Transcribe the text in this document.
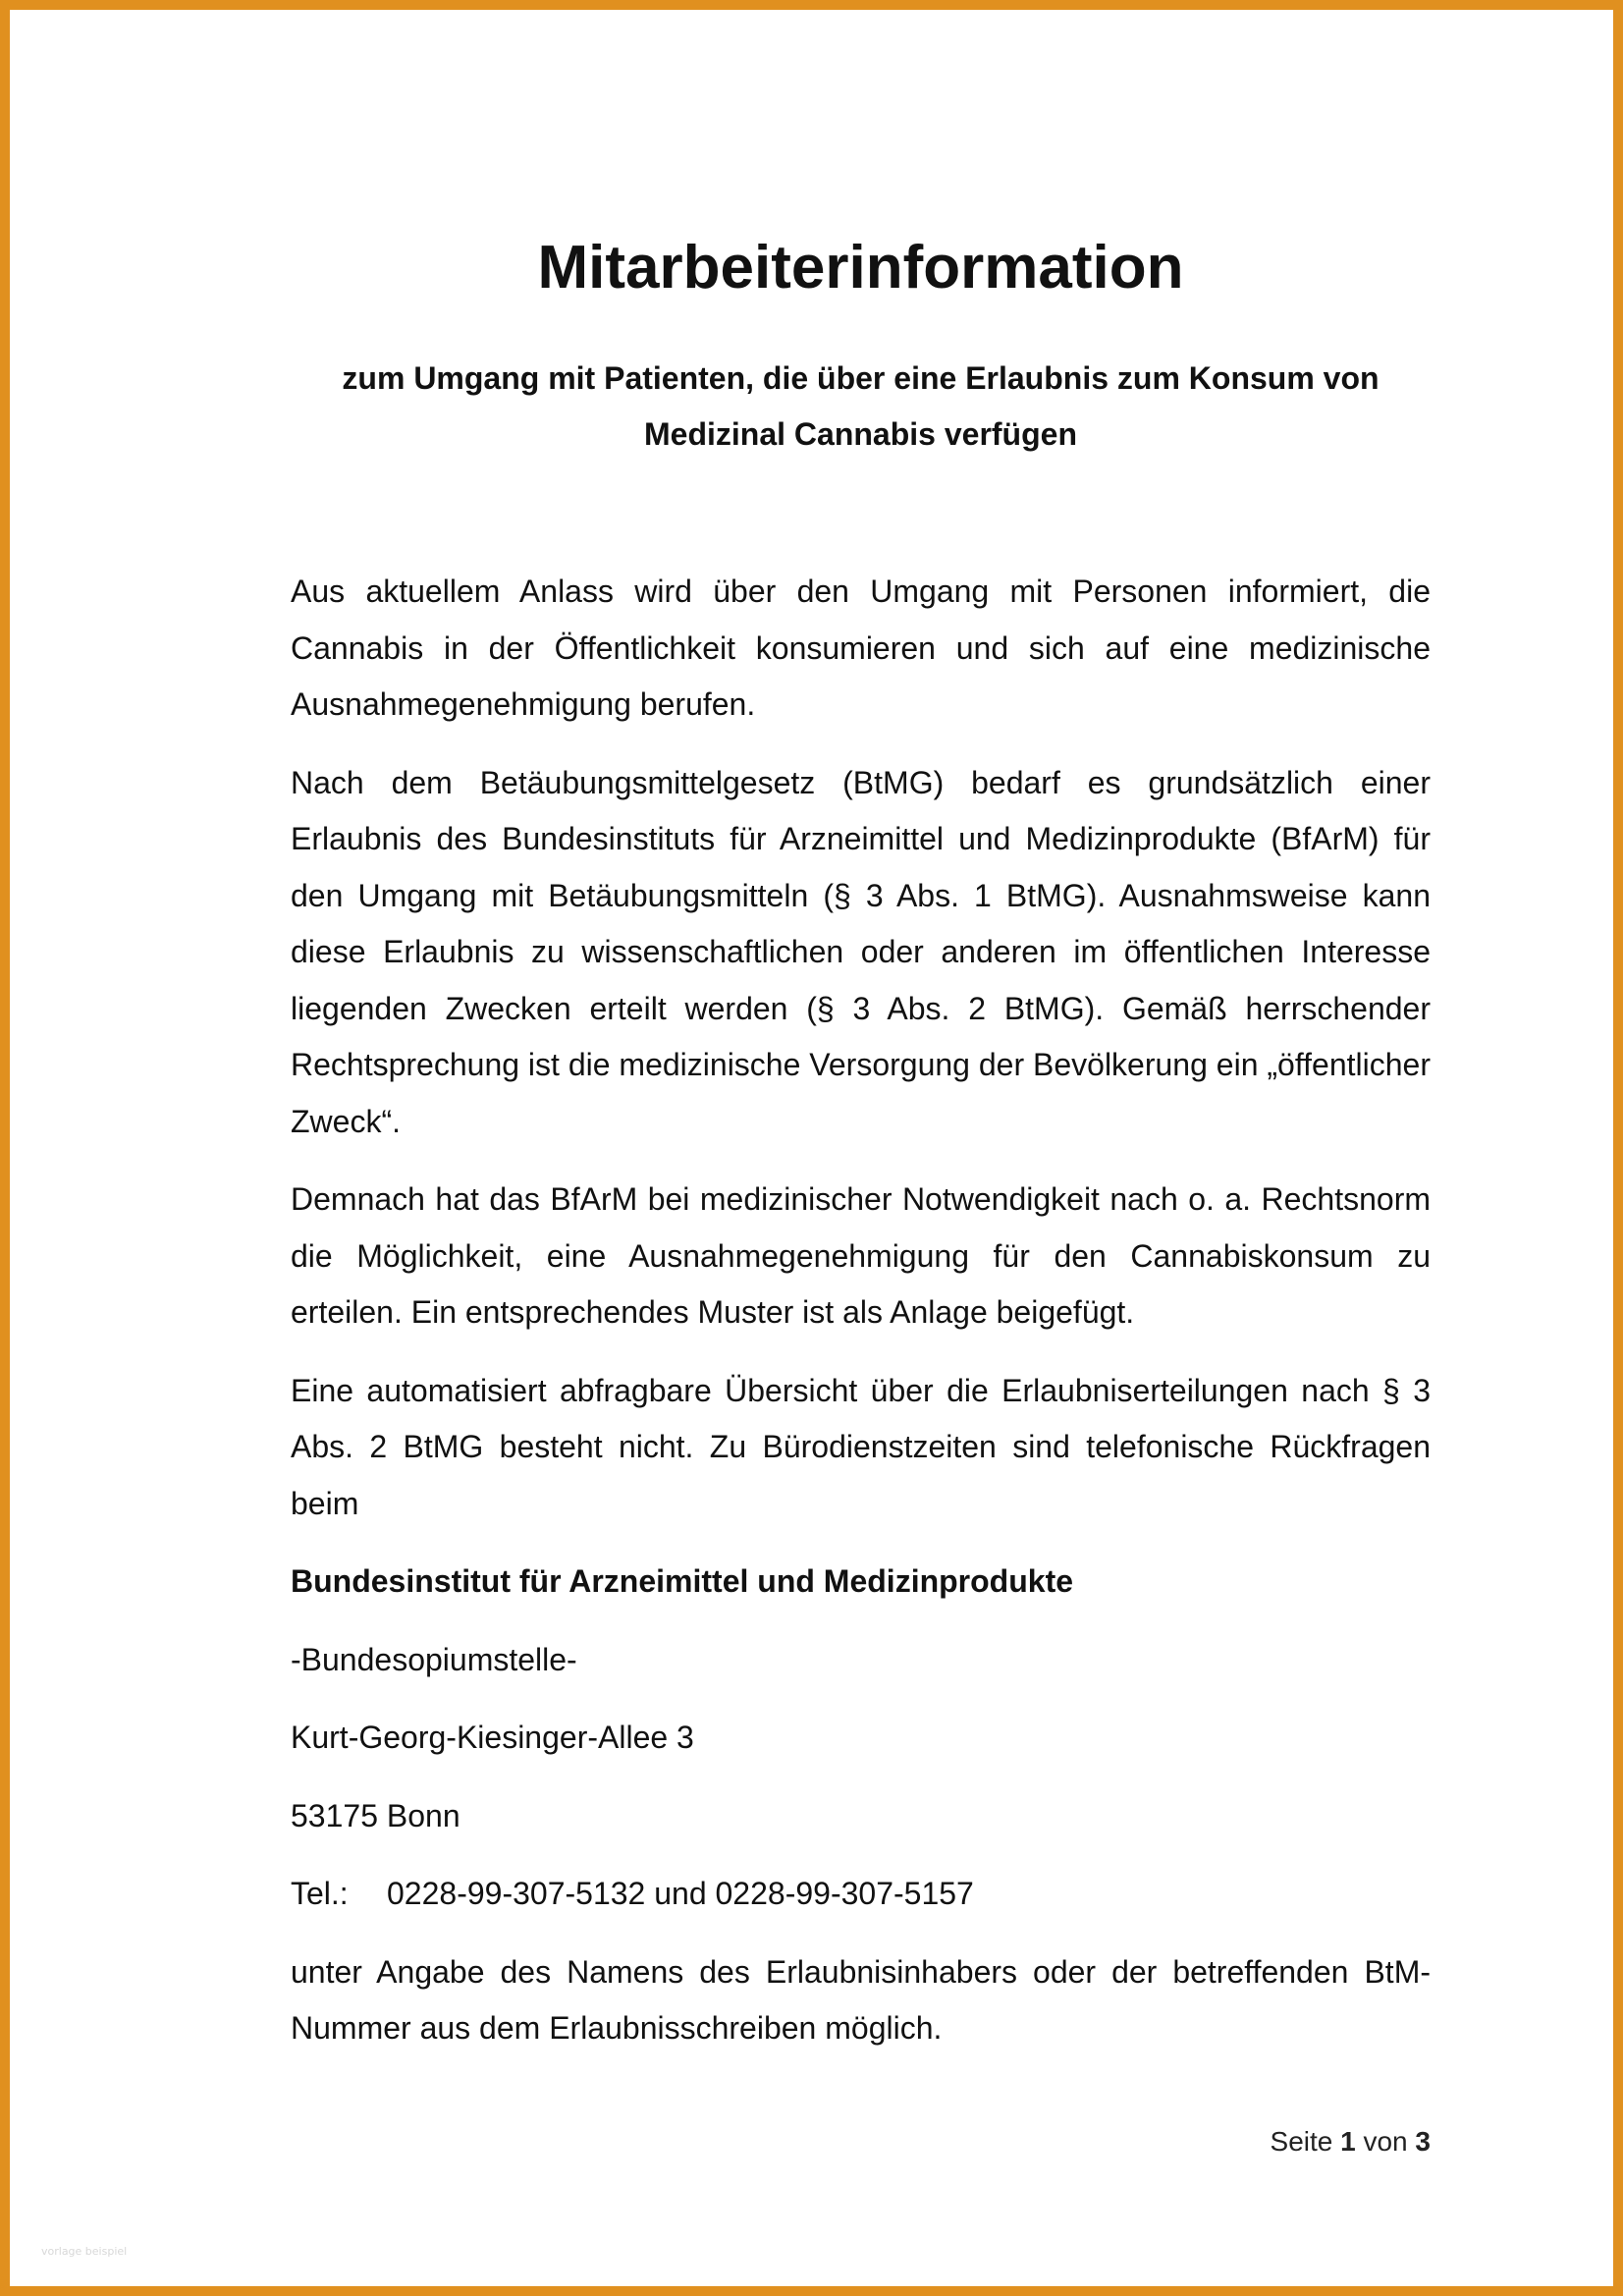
Mitarbeiterinformation
zum Umgang mit Patienten, die über eine Erlaubnis zum Konsum von
Medizinal Cannabis verfügen

Aus aktuellem Anlass wird über den Umgang mit Personen informiert, die Cannabis in der Öffentlichkeit konsumieren und sich auf eine medizinische Ausnahmegenehmigung berufen.

Nach dem Betäubungsmittelgesetz (BtMG) bedarf es grundsätzlich einer Erlaubnis des Bundesinstituts für Arzneimittel und Medizinprodukte (BfArM) für den Umgang mit Betäubungsmitteln (§ 3 Abs. 1 BtMG). Ausnahmsweise kann diese Erlaubnis zu wissenschaftlichen oder anderen im öffentlichen Interesse liegenden Zwecken erteilt werden (§ 3 Abs. 2 BtMG). Gemäß herrschender Rechtsprechung ist die medizinische Versorgung der Bevölkerung ein „öffentlicher Zweck“.

Demnach hat das BfArM bei medizinischer Notwendigkeit nach o. a. Rechtsnorm die Möglichkeit, eine Ausnahmegenehmigung für den Cannabiskonsum zu erteilen. Ein entsprechendes Muster ist als Anlage beigefügt.

Eine automatisiert abfragbare Übersicht über die Erlaubniserteilungen nach § 3 Abs. 2 BtMG besteht nicht. Zu Bürodienstzeiten sind telefonische Rückfragen beim

Bundesinstitut für Arzneimittel und Medizinprodukte

-Bundesopiumstelle-

Kurt-Georg-Kiesinger-Allee 3

53175 Bonn

Tel.: 0228-99-307-5132 und 0228-99-307-5157

unter Angabe des Namens des Erlaubnisinhabers oder der betreffenden BtM-Nummer aus dem Erlaubnisschreiben möglich.

Seite 1 von 3
vorlage beispiel
